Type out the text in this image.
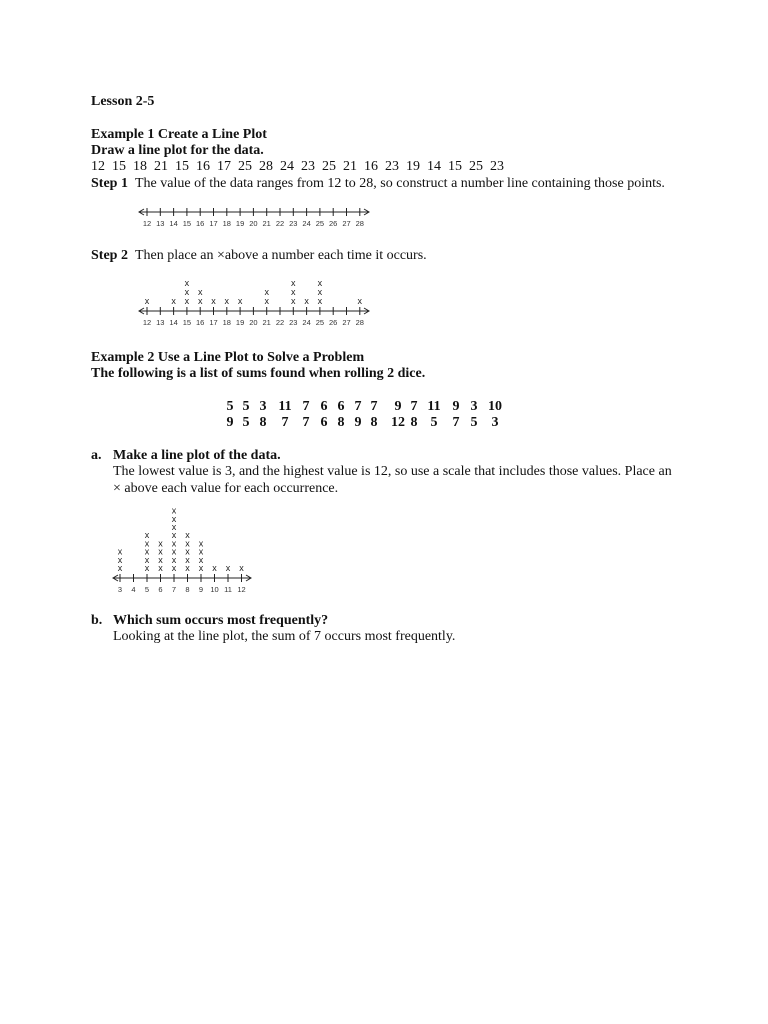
Lesson 2-5
Example 1 Create a Line Plot
Draw a line plot for the data.
12  15  18  21  15  16  17  25  28  24  23  25  21  16  23  19  14  15  25  23
Step 1 The value of the data ranges from 12 to 28, so construct a number line containing those points.
12 13 14 15 16 17 18 19 20 21 22 23 24 25 26 27 28
12
x
13 14
x
15
x
x
x
16
x
x
17
x
18
x
19
x
20 21
x
x
22 23
x
x
x
24
x
25
x
x
x
26 27 28
x
3
x
x
x
4 5
x
x
x
x
x
6
x
x
x
x
7
x
x
x
x
x
x
x
x
8
x
x
x
x
x
9
x
x
x
x
10
x
11
x
12
x
Step 2 Then place an ×above a number each time it occurs.
Example 2 Use a Line Plot to Solve a Problem
The following is a list of sums found when rolling 2 dice.
5 5 3 11 7 6 6 7 7 9 7 11 9 3 10
9 5 8 7 7 6 8 9 8 12 8 5 7 5 3
a. Make a line plot of the data.
The lowest value is 3, and the highest value is 12, so use a scale that includes those values. Place an
× above each value for each occurrence.
b. Which sum occurs most frequently?
Looking at the line plot, the sum of 7 occurs most frequently.
